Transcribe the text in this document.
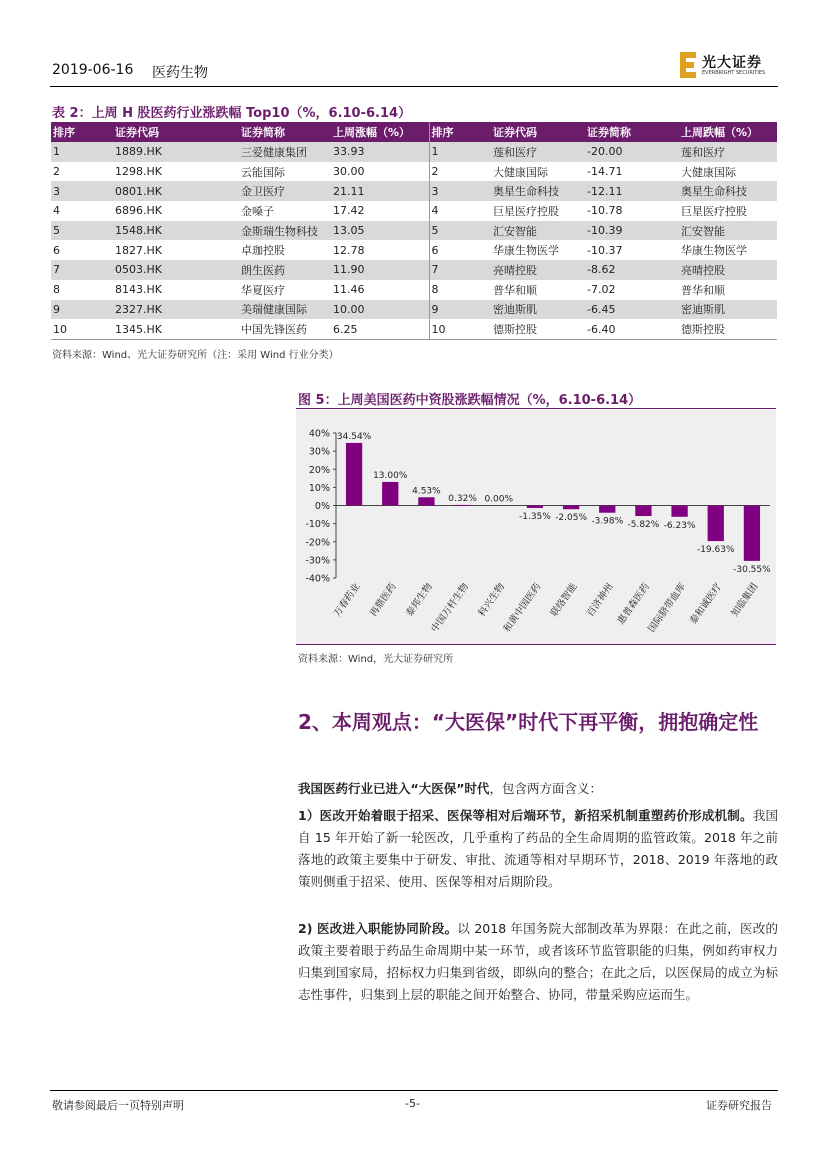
2019-06-16 医药生物
光大证券
EVERBRIGHT SECURITIES
表 2：上周 H 股医药行业涨跌幅 Top10（%，6.10-6.14）
排序	证券代码	证券简称	上周涨幅（%）	排序	证券代码	证券简称	上周跌幅（%）
1	1889.HK	三爱健康集团	33.93	1	莲和医疗	-20.00	莲和医疗
2	1298.HK	云能国际	30.00	2	大健康国际	-14.71	大健康国际
3	0801.HK	金卫医疗	21.11	3	奥星生命科技	-12.11	奥星生命科技
4	6896.HK	金嗓子	17.42	4	巨星医疗控股	-10.78	巨星医疗控股
5	1548.HK	金斯瑞生物科技	13.05	5	汇安智能	-10.39	汇安智能
6	1827.HK	卓珈控股	12.78	6	华康生物医学	-10.37	华康生物医学
7	0503.HK	朗生医药	11.90	7	亮晴控股	-8.62	亮晴控股
8	8143.HK	华夏医疗	11.46	8	普华和顺	-7.02	普华和顺
9	2327.HK	美瑞健康国际	10.00	9	密迪斯肌	-6.45	密迪斯肌
10	1345.HK	中国先锋医药	6.25	10	德斯控股	-6.40	德斯控股
资料来源：Wind、光大证券研究所（注：采用 Wind 行业分类）
图 5：上周美国医药中资股涨跌幅情况（%，6.10-6.14）
40%
30%
20%
10%
0%
-10%
-20%
-30%
-40%
34.54%
万春药业
13.00%
再鼎医药
4.53%
泰邦生物
0.32%
中国万杆生物
0.00%
科兴生物
-1.35%
和黄中国医药
-2.05%
联络智能
-3.98%
百济神州
-5.82%
惠普森医药
-6.23%
国际脐带血库
-19.63%
泰和诚医疗
-30.55%
知临集团
资料来源：Wind，光大证券研究所
2、本周观点：“大医保”时代下再平衡，拥抱确定性
我国医药行业已进入“大医保”时代，包含两方面含义：
1）医改开始着眼于招采、医保等相对后端环节，新招采机制重塑药价形成机制。我国自 15 年开始了新一轮医改，几乎重构了药品的全生命周期的监管政策。2018 年之前落地的政策主要集中于研发、审批、流通等相对早期环节，2018、2019 年落地的政策则侧重于招采、使用、医保等相对后期阶段。
2) 医改进入职能协同阶段。以 2018 年国务院大部制改革为界限：在此之前，医改的政策主要着眼于药品生命周期中某一环节，或者该环节监管职能的归集，例如药审权力归集到国家局，招标权力归集到省级，即纵向的整合；在此之后，以医保局的成立为标志性事件，归集到上层的职能之间开始整合、协同，带量采购应运而生。
敬请参阅最后一页特别声明	-5-	证券研究报告
